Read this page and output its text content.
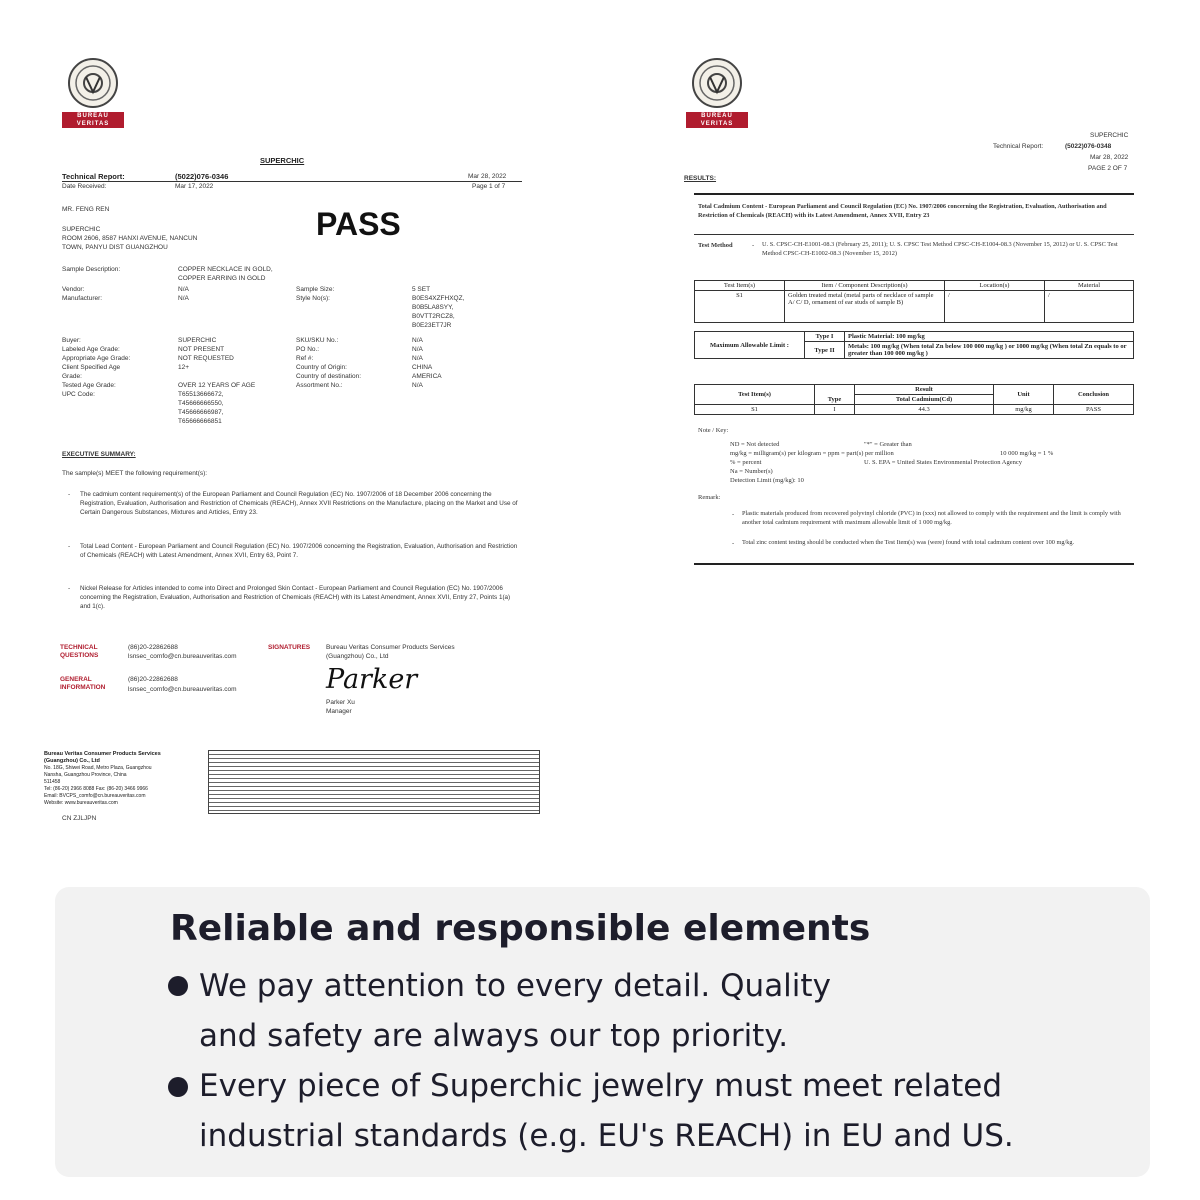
BUREAU VERITAS
SUPERCHIC
Technical Report:	(5022)076-0346	Mar 28, 2022
Date Received:	Mar 17, 2022	Page 1 of 7
MR. FENG REN	PASS
SUPERCHIC
ROOM 2606, 8587 HANXI AVENUE, NANCUN
TOWN, PANYU DIST GUANGZHOU
Sample Description:	COPPER NECKLACE IN GOLD,
COPPER EARRING IN GOLD
Vendor:	N/A
Manufacturer:	N/A
Sample Size:	5 SET
Style No(s):	B0ES4XZFHXQZ,
B0B5LA8SYY,
B0VTT2RCZ8,
B0E23ET7JR
Buyer:	SUPERCHIC
Labeled Age Grade:	NOT PRESENT
Appropriate Age Grade:	NOT REQUESTED
Client Specified Age	12+
Grade:
Tested Age Grade:	OVER 12 YEARS OF AGE
UPC Code:	T65513666672,
T45666666550,
T45666666987,
T65666666851
SKU/SKU No.:	N/A
PO No.:	N/A
Ref #:	N/A
Country of Origin:	CHINA
Country of destination:	AMERICA
Assortment No.:	N/A
EXECUTIVE SUMMARY:
The sample(s) MEET the following requirement(s):
- The cadmium content requirement(s) of the European Parliament and Council Regulation (EC) No. 1907/2006 of 18 December 2006 concerning the Registration, Evaluation, Authorisation and Restriction of Chemicals (REACH), Annex XVII Restrictions on the Manufacture, placing on the Market and Use of Certain Dangerous Substances, Mixtures and Articles, Entry 23.
- Total Lead Content - European Parliament and Council Regulation (EC) No. 1907/2006 concerning the Registration, Evaluation, Authorisation and Restriction of Chemicals (REACH) with Latest Amendment, Annex XVII, Entry 63, Point 7.
- Nickel Release for Articles intended to come into Direct and Prolonged Skin Contact - European Parliament and Council Regulation (EC) No. 1907/2006 concerning the Registration, Evaluation, Authorisation and Restriction of Chemicals (REACH) with its Latest Amendment, Annex XVII, Entry 27, Points 1(a) and 1(c).
TECHNICAL
QUESTIONS
(86)20-22862688
lsnsec_comfo@cn.bureauveritas.com
GENERAL
INFORMATION
(86)20-22862688
lsnsec_comfo@cn.bureauveritas.com
SIGNATURES Bureau Veritas Consumer Products Services
(Guangzhou) Co., Ltd
Parker
Parker Xu
Manager
Bureau Veritas Consumer Products Services
(Guangzhou) Co., Ltd
No. 18G, Shiwei Road, Metro Plaza, Guangzhou
Nansha, Guangzhou Province, China
511458
Tel: (86-20) 2966 8088 Fax: (86-20) 3466 9966
Email: BVCPS_comfo@cn.bureauveritas.com
Website: www.bureauveritas.com
CN ZJLJPN
BUREAU VERITAS
SUPERCHIC
Technical Report:	(5022)076-0348
Mar 28, 2022
PAGE 2 OF 7
RESULTS:
Total Cadmium Content - European Parliament and Council Regulation (EC) No. 1907/2006 concerning the Registration, Evaluation, Authorisation and Restriction of Chemicals (REACH) with its Latest Amendment, Annex XVII, Entry 23
Test Method	- U. S. CPSC-CH-E1001-08.3 (February 25, 2011); U. S. CPSC Test Method CPSC-CH-E1004-08.3 (November 15, 2012) or U. S. CPSC Test Method CPSC-CH-E1002-08.3 (November 15, 2012)
Test Item(s)	Item / Component Description(s)	Location(s)	Material
S1	Golden treated metal (metal parts of necklace of sample A/ C/ D, ornament of ear studs of sample B)	/	/
Maximum Allowable Limit :	Type I	Plastic Material: 100 mg/kg
	Type II	Metals: 100 mg/kg (When total Zn below 100 000 mg/kg ) or 1000 mg/kg (When total Zn equals to or greater than 100 000 mg/kg )
Test Item(s)	Type	Result	Unit	Conclusion
		Total Cadmium(Cd)		
S1	I	44.3	mg/kg	PASS
Note / Key:
ND = Not detected
mg/kg = milligram(s) per kilogram = ppm = part(s) per million
% = percent
Na = Number(s)
Detection Limit (mg/kg): 10
"*" = Greater than
10 000 mg/kg = 1 %
U. S. EPA = United States Environmental Protection Agency
Remark:
- Plastic materials produced from recovered polyvinyl chloride (PVC) in (xxx) not allowed to comply with the requirement and the limit is comply with another total cadmium requirement with maximum allowable limit of 1 000 mg/kg.
- Total zinc content testing should be conducted when the Test Item(s) was (were) found with total cadmium content over 100 mg/kg.
Reliable and responsible elements
We pay attention to every detail. Quality
and safety are always our top priority.
Every piece of Superchic jewelry must meet related
industrial standards (e.g. EU's REACH) in EU and US.
